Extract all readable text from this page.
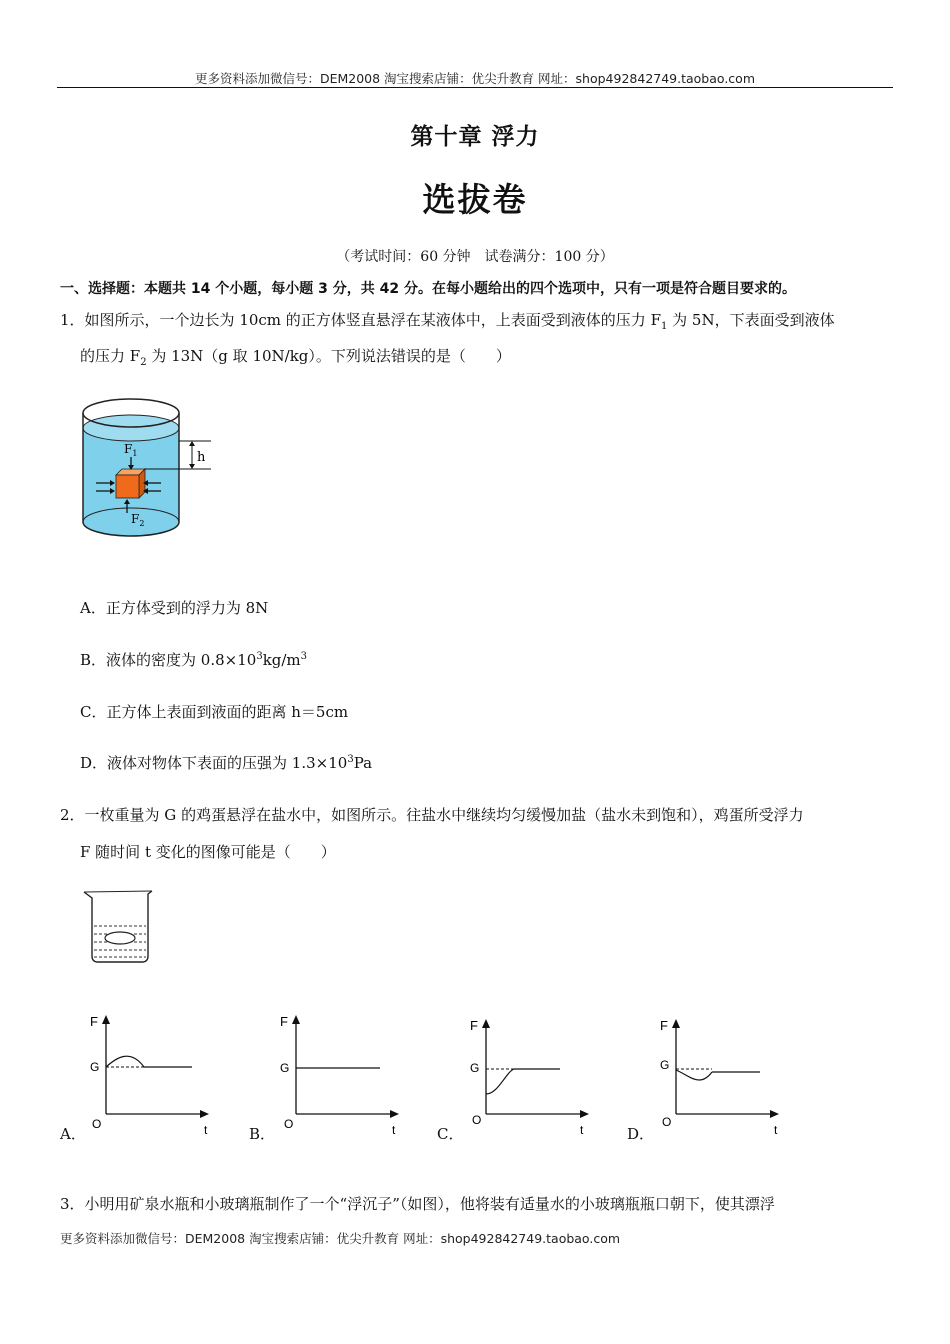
更多资料添加微信号：DEM2008 淘宝搜索店铺：优尖升教育 网址：shop492842749.taobao.com
第十章 浮力
选拔卷
（考试时间：60 分钟　试卷满分：100 分）
一、选择题：本题共 14 个小题，每小题 3 分，共 42 分。在每小题给出的四个选项中，只有一项是符合题目要求的。
1．如图所示，一个边长为 10cm 的正方体竖直悬浮在某液体中，上表面受到液体的压力 $F_1$ 为 5N，下表面受到液体
的压力 $F_2$ 为 13N（g 取 10N/kg）。下列说法错误的是（　　）
h
$F_1$
$F_2$
A．正方体受到的浮力为 8N
B．液体的密度为 $0.8\times 10^3kg/m^3$
C．正方体上表面到液面的距离 h＝5cm
D．液体对物体下表面的压强为 $1.3\times 10^3Pa$
2．一枚重量为 G 的鸡蛋悬浮在盐水中，如图所示。往盐水中继续均匀缓慢加盐（盐水未到饱和），鸡蛋所受浮力
F 随时间 t 变化的图像可能是（　　）
A．
F
G
O	t	B．
F
G
O	t	C．
F
G
O
t	D．
F
G
O
t
3．小明用矿泉水瓶和小玻璃瓶制作了一个“浮沉子”（如图），他将装有适量水的小玻璃瓶瓶口朝下，使其漂浮
更多资料添加微信号：DEM2008 淘宝搜索店铺：优尖升教育 网址：shop492842749.taobao.com
